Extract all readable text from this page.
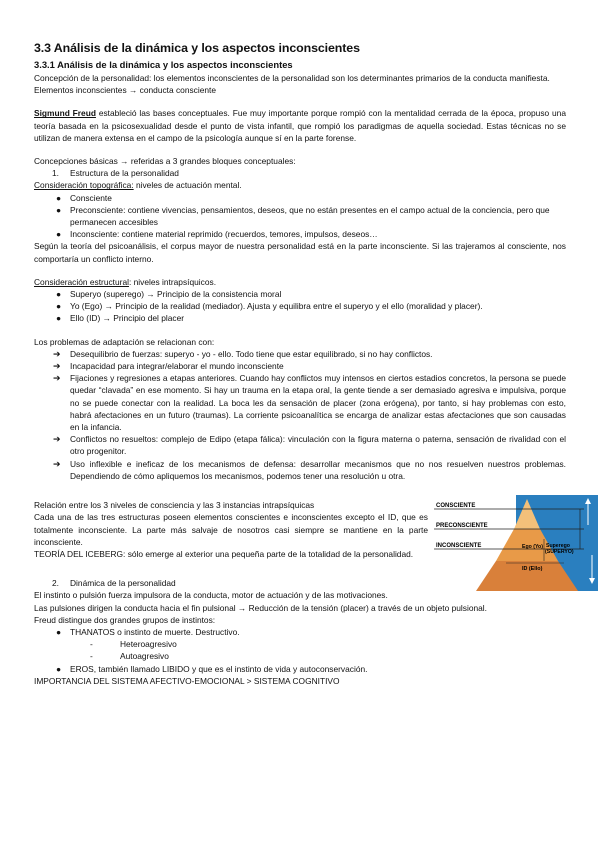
3.3 Análisis de la dinámica y los aspectos inconscientes
3.3.1 Análisis de la dinámica y los aspectos inconscientes

Concepción de la personalidad: los elementos inconscientes de la personalidad son los determinantes primarios de la conducta manifiesta.

Elementos inconscientes → conducta consciente

Sigmund Freud estableció las bases conceptuales. Fue muy importante porque rompió con la mentalidad cerrada de la época, propuso una teoría basada en la psicosexualidad desde el punto de vista infantil, que rompió los paradigmas de aquella sociedad. Estas técnicas no se utilizan de manera extensa en el campo de la psicología aunque sí en la parte forense.

Concepciones básicas → referidas a 3 grandes bloques conceptuales:

1. Estructura de la personalidad

Consideración topográfica: niveles de actuación mental.

● Consciente
● Preconsciente: contiene vivencias, pensamientos, deseos, que no están presentes en el campo actual de la conciencia, pero que permanecen accesibles
● Inconsciente: contiene material reprimido (recuerdos, temores, impulsos, deseos…

Según la teoría del psicoanálisis, el corpus mayor de nuestra personalidad está en la parte inconsciente. Si las trajeramos al consciente, nos comportaría un conflicto interno.

Consideración estructural: niveles intrapsíquicos.

● Superyo (superego) → Principio de la consistencia moral
● Yo (Ego) → Principio de la realidad (mediador). Ajusta y equilibra entre el superyo y el ello (moralidad y placer).
● Ello (ID) → Principio del placer

Los problemas de adaptación se relacionan con:

➔ Desequilibrio de fuerzas: superyo - yo - ello. Todo tiene que estar equilibrado, si no hay conflictos.
➔ Incapacidad para integrar/elaborar el mundo inconsciente
➔ Fijaciones y regresiones a etapas anteriores. Cuando hay conflictos muy intensos en ciertos estadios concretos, la persona se puede quedar “clavada” en ese momento. Si hay un trauma en la etapa oral, la gente tiende a ser demasiado agresiva e impulsiva, porque no se puede conectar con la realidad. La boca les da sensación de placer (zona erógena), por tanto, si hay problemas con esto, habrá afectaciones en un futuro (traumas). La corriente psicoanalítica se encarga de analizar estas afectaciones que son causadas en la infancia.
➔ Conflictos no resueltos: complejo de Edipo (etapa fálica): vinculación con la figura materna o paterna, sensación de rivalidad con el otro progenitor.
➔ Uso inflexible e ineficaz de los mecanismos de defensa: desarrollar mecanismos que no nos resuelven nuestros problemas. Dependiendo de cómo apliquemos los mecanismos, podemos tener una resolución u otra.

Relación entre los 3 niveles de consciencia y las 3 instancias intrapsíquicas

Cada una de las tres estructuras poseen elementos conscientes e inconscientes excepto el ID, que es totalmente inconsciente. La parte más salvaje de nosotros casi siempre se mantiene en la parte inconsciente.

TEORÍA DEL ICEBERG: sólo emerge al exterior una pequeña parte de la totalidad de la personalidad.

CONSCIENTE
PRECONSCIENTE
INCONSCIENTE	Ego (Yo) Superego
(SUPERYO)
ID (Ello)

2. Dinámica de la personalidad

El instinto o pulsión fuerza impulsora de la conducta, motor de actuación y de las motivaciones.

Las pulsiones dirigen la conducta hacia el fin pulsional → Reducción de la tensión (placer) a través de un objeto pulsional.

Freud distingue dos grandes grupos de instintos:

● THANATOS o instinto de muerte. Destructivo.
-	Heteroagresivo
-	Autoagresivo
● EROS, también llamado LIBIDO y que es el instinto de vida y autoconservación.

IMPORTANCIA DEL SISTEMA AFECTIVO-EMOCIONAL > SISTEMA COGNITIVO
